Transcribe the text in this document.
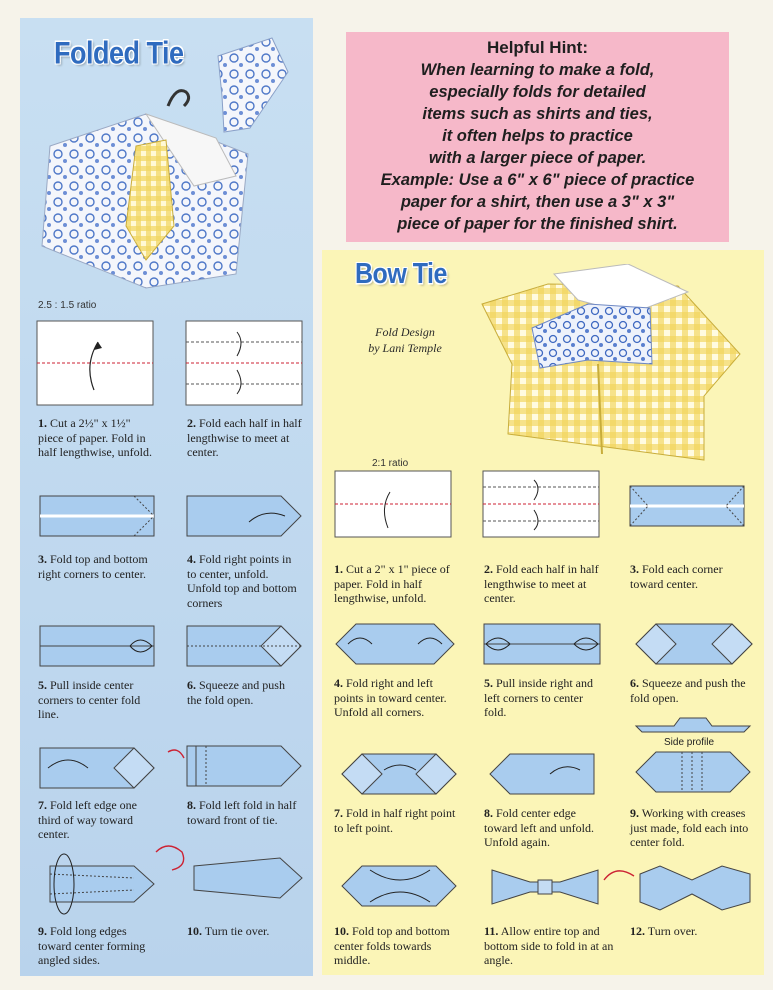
Folded Tie
Bow Tie
Helpful Hint:
When learning to make a fold,
especially folds for detailed
items such as shirts and ties,
it often helps to practice
with a larger piece of paper.
Example: Use a 6" x 6" piece of practice
paper for a shirt, then use a 3" x 3"
piece of paper for the finished shirt.
Fold Design
by Lani Temple
2.5 : 1.5 ratio
2:1 ratio
1. Cut a 2½" x 1½" piece of paper. Fold in half lengthwise, unfold.
2. Fold each half in half lengthwise to meet at center.
3. Fold top and bottom right corners to center.
4. Fold right points in to center, unfold. Unfold top and bottom corners
5. Pull inside center corners to center fold line.
6. Squeeze and push the fold open.
7. Fold left edge one third of way toward center.
8. Fold left fold in half toward front of tie.
9. Fold long edges toward center forming angled sides.
10. Turn tie over.
Side profile
1. Cut a 2" x 1" piece of paper. Fold in half lengthwise, unfold.
2. Fold each half in half lengthwise to meet at center.
3. Fold each corner toward center.
4. Fold right and left points in toward center. Unfold all corners.
5. Pull inside right and left corners to center fold.
6. Squeeze and push the fold open.
7. Fold in half right point to left point.
8. Fold center edge toward left and unfold. Unfold again.
9. Working with creases just made, fold each into center fold.
10. Fold top and bottom center folds towards middle.
11. Allow entire top and bottom side to fold in at an angle.
12. Turn over.
